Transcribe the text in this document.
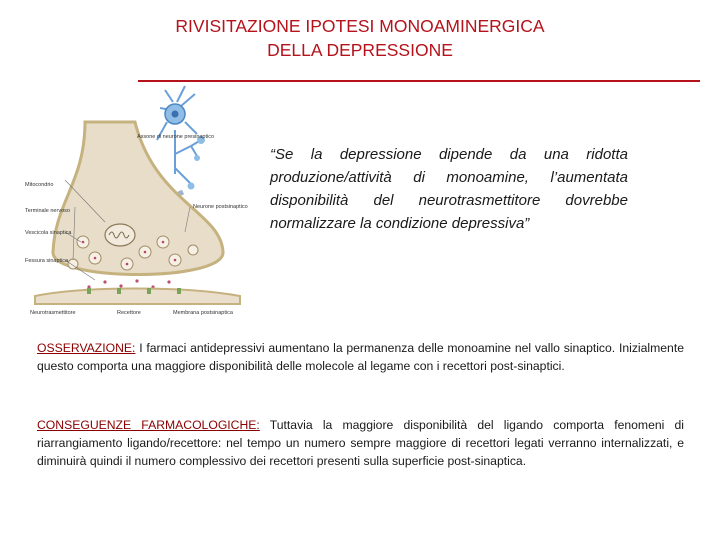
RIVISITAZIONE IPOTESI MONOAMINERGICA
DELLA DEPRESSIONE
Assone di neurone presinaptico
Mitocondrio
Terminale nervoso
Vescicola sinaptica
Fessura sinaptica
Neurone postsinaptico
Neurotrasmettitore	Recettore	Membrana postsinaptica
“Se la depressione dipende da una ridotta produzione/attività di monoamine, l’aumentata disponibilità del neurotrasmettitore dovrebbe normalizzare la condizione depressiva”
OSSERVAZIONE: I farmaci antidepressivi aumentano la permanenza delle monoamine nel vallo sinaptico. Inizialmente questo comporta una maggiore disponibilità delle molecole al legame con i recettori post-sinaptici.
CONSEGUENZE FARMACOLOGICHE: Tuttavia la maggiore disponibilità del ligando comporta fenomeni di riarrangiamento ligando/recettore: nel tempo un numero sempre maggiore di recettori legati verranno internalizzati, e diminuirà quindi il numero complessivo dei recettori presenti sulla superficie post-sinaptica.
